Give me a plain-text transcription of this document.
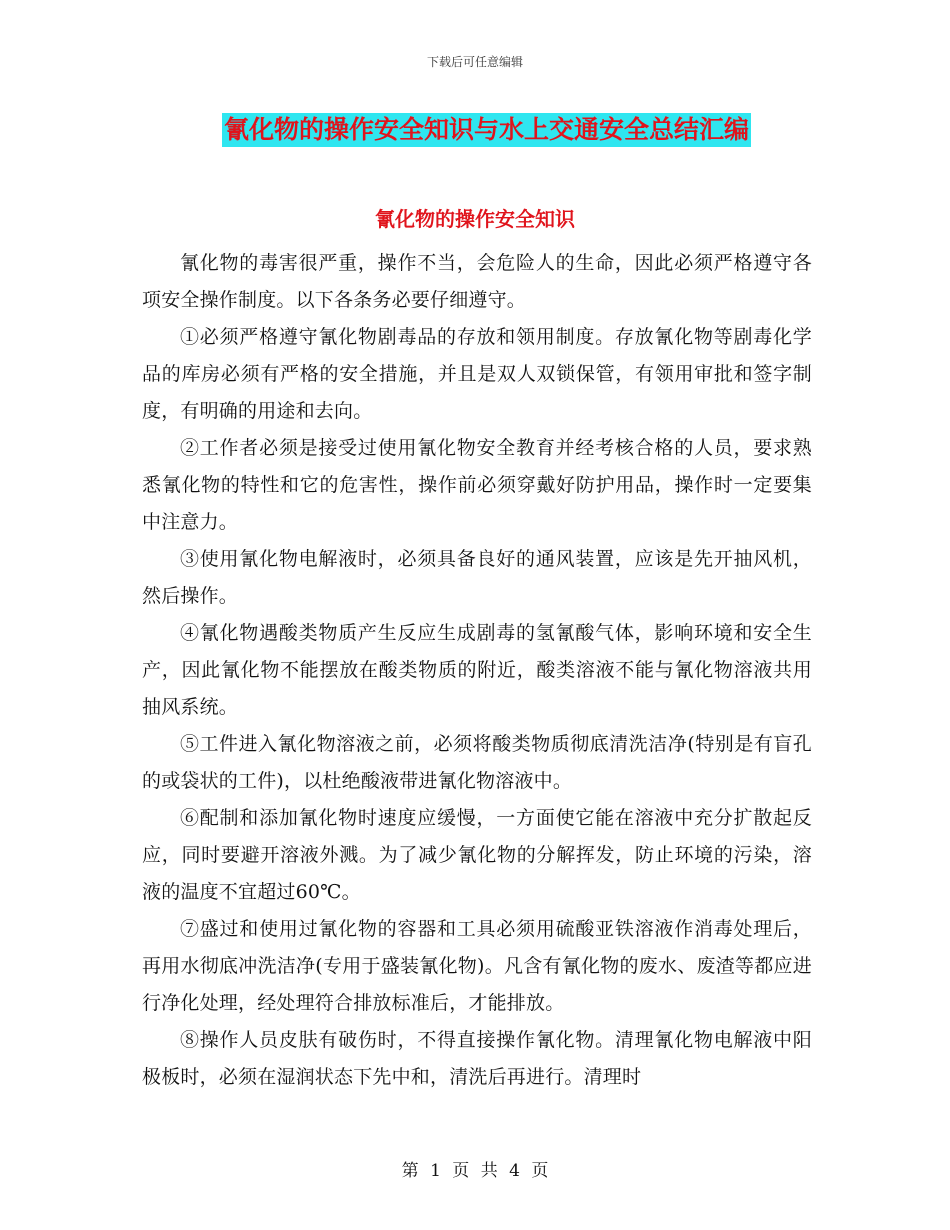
下载后可任意编辑
氰化物的操作安全知识与水上交通安全总结汇编
氰化物的操作安全知识

氰化物的毒害很严重，操作不当，会危险人的生命，因此必须严格遵守各项安全操作制度。以下各条务必要仔细遵守。

①必须严格遵守氰化物剧毒品的存放和领用制度。存放氰化物等剧毒化学品的库房必须有严格的安全措施，并且是双人双锁保管，有领用审批和签字制度，有明确的用途和去向。

②工作者必须是接受过使用氰化物安全教育并经考核合格的人员，要求熟悉氰化物的特性和它的危害性，操作前必须穿戴好防护用品，操作时一定要集中注意力。

③使用氰化物电解液时，必须具备良好的通风装置，应该是先开抽风机，然后操作。

④氰化物遇酸类物质产生反应生成剧毒的氢氰酸气体，影响环境和安全生产，因此氰化物不能摆放在酸类物质的附近，酸类溶液不能与氰化物溶液共用抽风系统。

⑤工件进入氰化物溶液之前，必须将酸类物质彻底清洗洁净(特别是有盲孔的或袋状的工件)，以杜绝酸液带进氰化物溶液中。

⑥配制和添加氰化物时速度应缓慢，一方面使它能在溶液中充分扩散起反应，同时要避开溶液外溅。为了减少氰化物的分解挥发，防止环境的污染，溶液的温度不宜超过60℃。

⑦盛过和使用过氰化物的容器和工具必须用硫酸亚铁溶液作消毒处理后，再用水彻底冲洗洁净(专用于盛装氰化物)。凡含有氰化物的废水、废渣等都应进行净化处理，经处理符合排放标准后，才能排放。

⑧操作人员皮肤有破伤时，不得直接操作氰化物。清理氰化物电解液中阳极板时，必须在湿润状态下先中和，清洗后再进行。清理时

第 1 页 共 4 页
